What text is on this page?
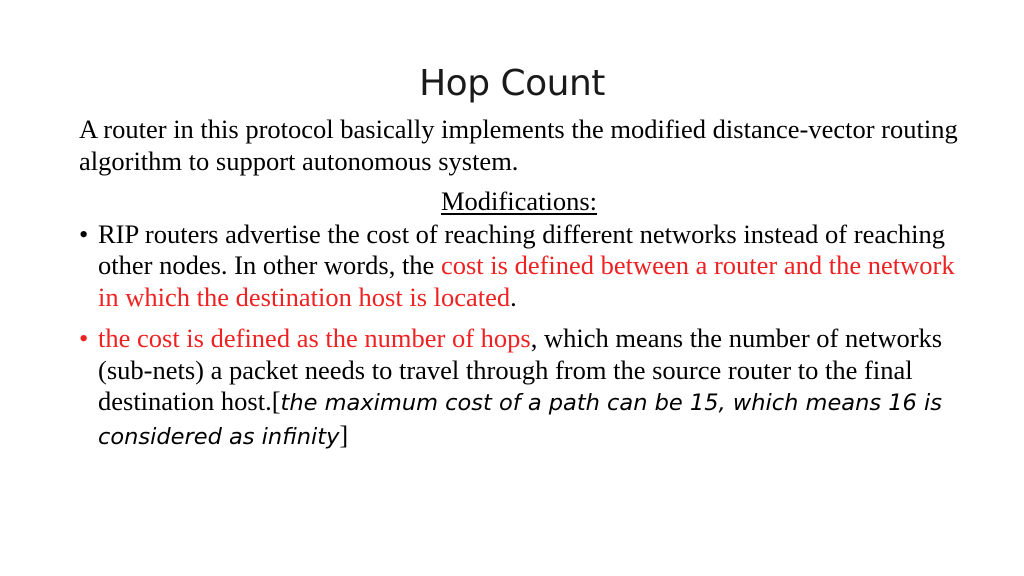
Hop Count

A router in this protocol basically implements the modified distance-vector routing algorithm to support autonomous system.

Modifications:
• RIP routers advertise the cost of reaching different networks instead of reaching other nodes. In other words, the cost is defined between a router and the network in which the destination host is located.
• the cost is defined as the number of hops, which means the number of networks (sub-nets) a packet needs to travel through from the source router to the final destination host.[the maximum cost of a path can be 15, which means 16 is considered as infinity]
